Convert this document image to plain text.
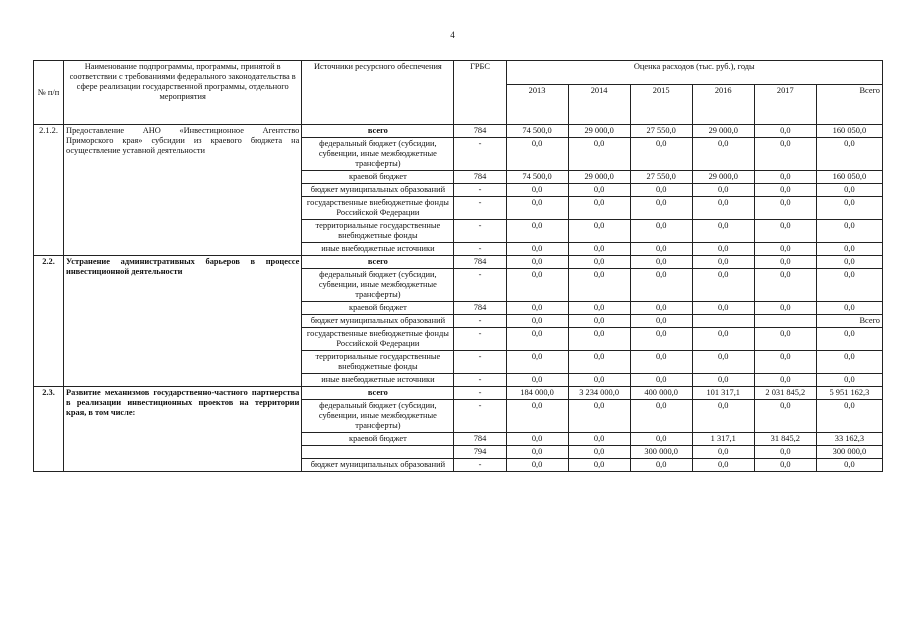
4
№ п/п	Наименование подпрограммы, программы, принятой в соответствии с требованиями федерального законодательства в сфере реализации государственной программы, отдельного мероприятия	Источники ресурсного обеспечения	ГРБС	Оценка расходов (тыс. руб.), годы					
				2013	2014	2015	2016	2017	Всего
2.1.2.	Предоставление АНО «Инвестиционное Агентство Приморского края» субсидии из краевого бюджета на осуществление уставной деятельности	всего	784	74 500,0	29 000,0	27 550,0	29 000,0	0,0	160 050,0
		федеральный бюджет (субсидии, субвенции, иные межбюджетные трансферты)	-	0,0	0,0	0,0	0,0	0,0	0,0
		краевой бюджет	784	74 500,0	29 000,0	27 550,0	29 000,0	0,0	160 050,0
		бюджет муниципальных образований	-	0,0	0,0	0,0	0,0	0,0	0,0
		государственные внебюджетные фонды Российской Федерации	-	0,0	0,0	0,0	0,0	0,0	0,0
		территориальные государственные внебюджетные фонды	-	0,0	0,0	0,0	0,0	0,0	0,0
		иные внебюджетные источники	-	0,0	0,0	0,0	0,0	0,0	0,0
2.2.	Устранение административных барьеров в процессе инвестиционной деятельности	всего	784	0,0	0,0	0,0	0,0	0,0	0,0
		федеральный бюджет (субсидии, субвенции, иные межбюджетные трансферты)	-	0,0	0,0	0,0	0,0	0,0	0,0
		краевой бюджет	784	0,0	0,0	0,0	0,0	0,0	0,0
		бюджет муниципальных образований	-	0,0	0,0	0,0			Всего
		государственные внебюджетные фонды Российской Федерации	-	0,0	0,0	0,0	0,0	0,0	0,0
		территориальные государственные внебюджетные фонды	-	0,0	0,0	0,0	0,0	0,0	0,0
		иные внебюджетные источники	-	0,0	0,0	0,0	0,0	0,0	0,0
2.3.	Развитие механизмов государственно-частного партнерства в реализации инвестиционных проектов на территории края, в том числе:	всего	-	184 000,0	3 234 000,0	400 000,0	101 317,1	2 031 845,2	5 951 162,3
		федеральный бюджет (субсидии, субвенции, иные межбюджетные трансферты)	-	0,0	0,0	0,0	0,0	0,0	0,0
		краевой бюджет	784	0,0	0,0	0,0	1 317,1	31 845,2	33 162,3
			794	0,0	0,0	300 000,0	0,0	0,0	300 000,0
		бюджет муниципальных образований	-	0,0	0,0	0,0	0,0	0,0	0,0
